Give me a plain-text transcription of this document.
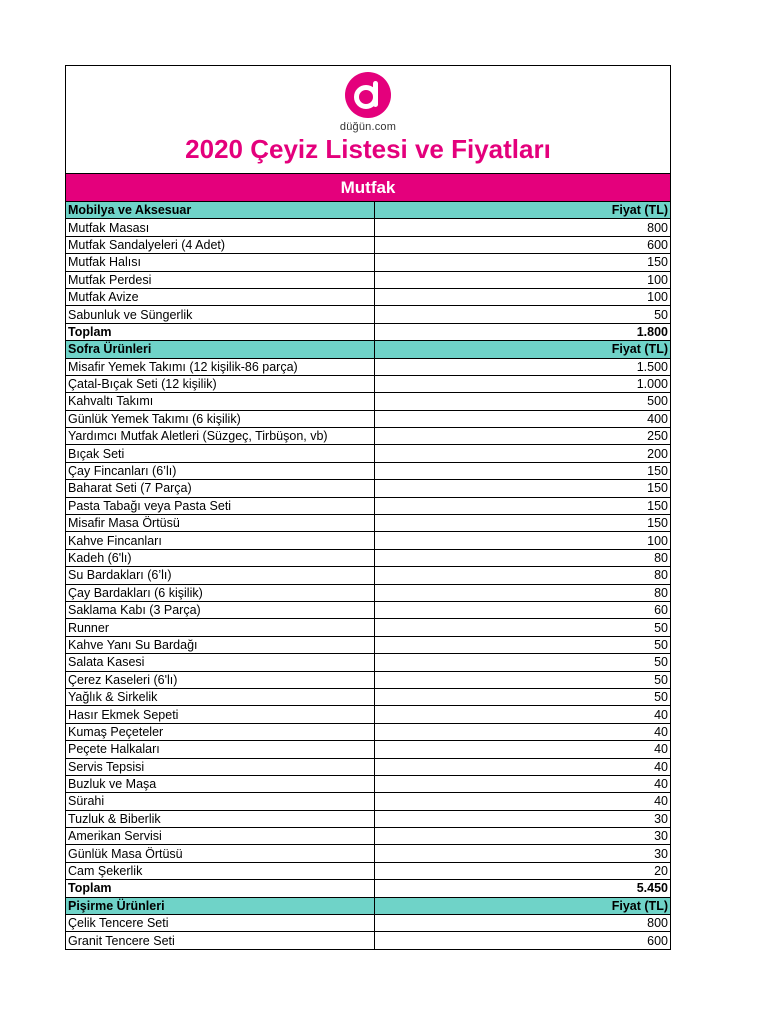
düğün.com
2020 Çeyiz Listesi ve Fiyatları
Mutfak
Mobilya ve Aksesuar	Fiyat (TL)
Mutfak Masası	800
Mutfak Sandalyeleri (4 Adet)	600
Mutfak Halısı	150
Mutfak Perdesi	100
Mutfak Avize	100
Sabunluk ve Süngerlik	50
Toplam	1.800
Sofra Ürünleri	Fiyat (TL)
Misafir Yemek Takımı (12 kişilik-86 parça)	1.500
Çatal-Bıçak Seti (12 kişilik)	1.000
Kahvaltı Takımı	500
Günlük Yemek Takımı (6 kişilik)	400
Yardımcı Mutfak Aletleri (Süzgeç, Tirbüşon, vb)	250
Bıçak Seti	200
Çay Fincanları (6’lı)	150
Baharat Seti (7 Parça)	150
Pasta Tabağı veya Pasta Seti	150
Misafir Masa Örtüsü	150
Kahve Fincanları	100
Kadeh (6'lı)	80
Su Bardakları (6’lı)	80
Çay Bardakları (6 kişilik)	80
Saklama Kabı (3 Parça)	60
Runner	50
Kahve Yanı Su Bardağı	50
Salata Kasesi	50
Çerez Kaseleri (6'lı)	50
Yağlık & Sirkelik	50
Hasır Ekmek Sepeti	40
Kumaş Peçeteler	40
Peçete Halkaları	40
Servis Tepsisi	40
Buzluk ve Maşa	40
Sürahi	40
Tuzluk & Biberlik	30
Amerikan Servisi	30
Günlük Masa Örtüsü	30
Cam Şekerlik	20
Toplam	5.450
Pişirme Ürünleri	Fiyat (TL)
Çelik Tencere Seti	800
Granit Tencere Seti	600
